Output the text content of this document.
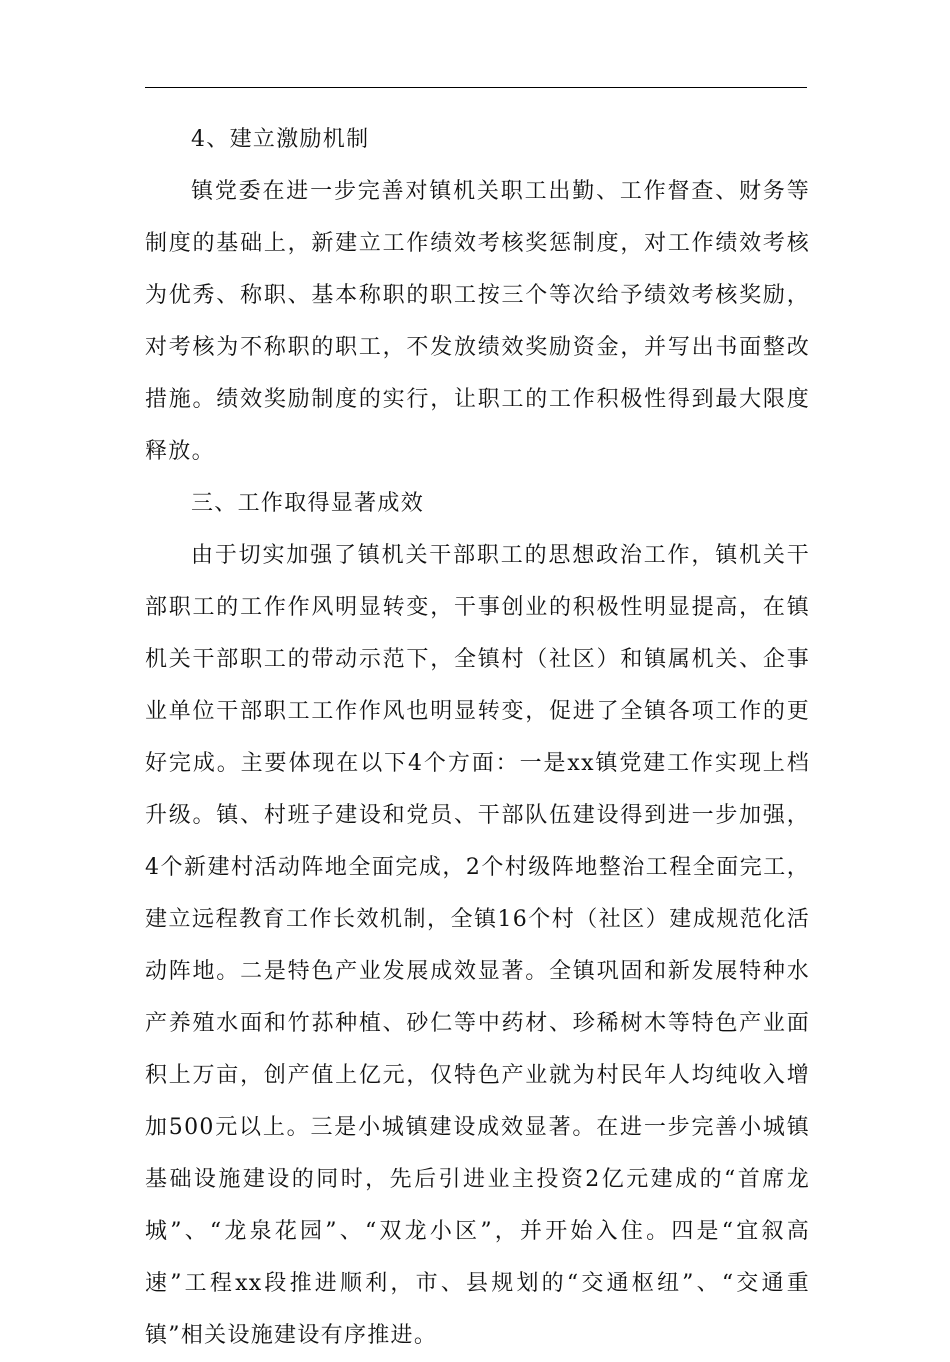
4、建立激励机制

镇党委在进一步完善对镇机关职工出勤、工作督查、财务等制度的基础上，新建立工作绩效考核奖惩制度，对工作绩效考核为优秀、称职、基本称职的职工按三个等次给予绩效考核奖励，对考核为不称职的职工，不发放绩效奖励资金，并写出书面整改措施。绩效奖励制度的实行，让职工的工作积极性得到最大限度释放。

三、工作取得显著成效

由于切实加强了镇机关干部职工的思想政治工作，镇机关干部职工的工作作风明显转变，干事创业的积极性明显提高，在镇机关干部职工的带动示范下，全镇村（社区）和镇属机关、企事业单位干部职工工作作风也明显转变，促进了全镇各项工作的更好完成。主要体现在以下4个方面：一是xx镇党建工作实现上档升级。镇、村班子建设和党员、干部队伍建设得到进一步加强，4个新建村活动阵地全面完成，2个村级阵地整治工程全面完工，建立远程教育工作长效机制，全镇16个村（社区）建成规范化活动阵地。二是特色产业发展成效显著。全镇巩固和新发展特种水产养殖水面和竹荪种植、砂仁等中药材、珍稀树木等特色产业面积上万亩，创产值上亿元，仅特色产业就为村民年人均纯收入增加500元以上。三是小城镇建设成效显著。在进一步完善小城镇基础设施建设的同时，先后引进业主投资2亿元建成的“首席龙城”、“龙泉花园”、“双龙小区”，并开始入住。四是“宜叙高速”工程xx段推进顺利，市、县规划的“交通枢纽”、“交通重镇”相关设施建设有序推进。
